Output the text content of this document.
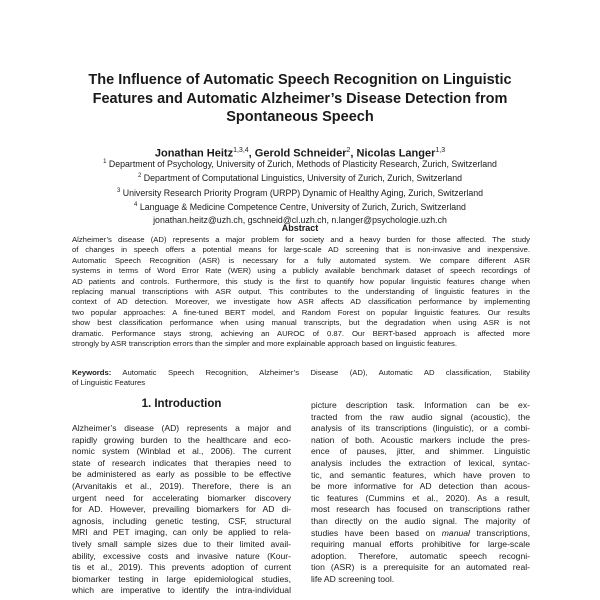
The Influence of Automatic Speech Recognition on Linguistic
Features and Automatic Alzheimer’s Disease Detection from
Spontaneous Speech
Jonathan Heitz$^{1,3,4}$, Gerold Schneider$^2$, Nicolas Langer$^{1,3}$
$^1$ Department of Psychology, University of Zurich, Methods of Plasticity Research, Zurich, Switzerland
$^2$ Department of Computational Linguistics, University of Zurich, Zurich, Switzerland
$^3$ University Research Priority Program (URPP) Dynamic of Healthy Aging, Zurich, Switzerland
$^4$ Language & Medicine Competence Centre, University of Zurich, Zurich, Switzerland
jonathan.heitz@uzh.ch, gschneid@cl.uzh.ch, n.langer@psychologie.uzh.ch
Abstract
Alzheimer’s disease (AD) represents a major problem for society and a heavy burden for those affected. The study
of changes in speech offers a potential means for large-scale AD screening that is non-invasive and inexpensive.
Automatic Speech Recognition (ASR) is necessary for a fully automated system. We compare different ASR
systems in terms of Word Error Rate (WER) using a publicly available benchmark dataset of speech recordings of
AD patients and controls. Furthermore, this study is the first to quantify how popular linguistic features change when
replacing manual transcriptions with ASR output. This contributes to the understanding of linguistic features in the
context of AD detection. Moreover, we investigate how ASR affects AD classification performance by implementing
two popular approaches: A fine-tuned BERT model, and Random Forest on popular linguistic features. Our results
show best classification performance when using manual transcripts, but the degradation when using ASR is not
dramatic. Performance stays strong, achieving an AUROC of 0.87. Our BERT-based approach is affected more
strongly by ASR transcription errors than the simpler and more explainable approach based on linguistic features.
Keywords: Automatic Speech Recognition, Alzheimer’s Disease (AD), Automatic AD classification, Stability
of Linguistic Features
1. Introduction
Alzheimer’s disease (AD) represents a major and
rapidly growing burden to the healthcare and eco-
nomic system (Winblad et al., 2006). The current
state of research indicates that therapies need to
be administered as early as possible to be effective
(Arvanitakis et al., 2019). Therefore, there is an
urgent need for accelerating biomarker discovery
for AD. However, prevailing biomarkers for AD di-
agnosis, including genetic testing, CSF, structural
MRI and PET imaging, can only be applied to rela-
tively small sample sizes due to their limited avail-
ability, excessive costs and invasive nature (Kour-
tis et al., 2019). This prevents adoption of current
biomarker testing in large epidemiological studies,
which are imperative to identify the intra-individual
picture description task. Information can be ex-
tracted from the raw audio signal (acoustic), the
analysis of its transcriptions (linguistic), or a combi-
nation of both. Acoustic markers include the pres-
ence of pauses, jitter, and shimmer. Linguistic
analysis includes the extraction of lexical, syntac-
tic, and semantic features, which have proven to
be more informative for AD detection than acous-
tic features (Cummins et al., 2020). As a result,
most research has focused on transcriptions rather
than directly on the audio signal. The majority of
studies have been based on manual transcriptions,
requiring manual efforts prohibitive for large-scale
adoption. Therefore, automatic speech recogni-
tion (ASR) is a prerequisite for an automated real-
life AD screening tool.
